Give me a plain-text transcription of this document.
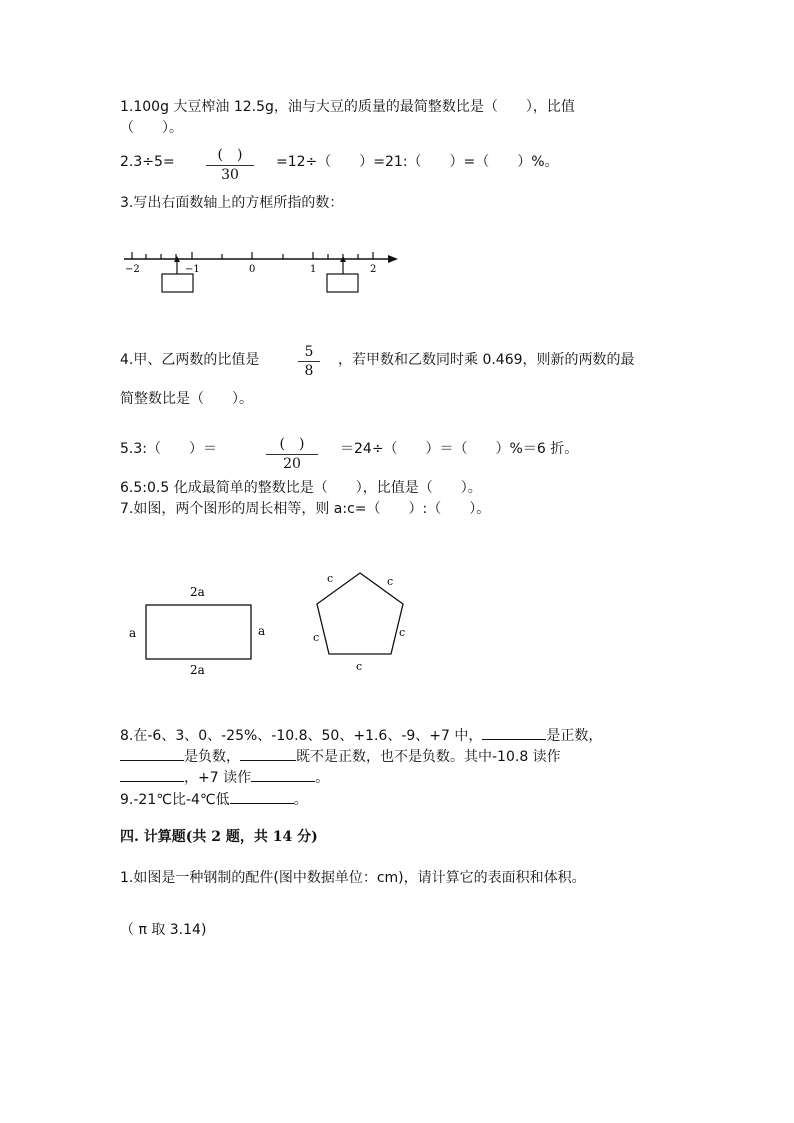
1.100g 大豆榨油 12.5g，油与大豆的质量的最简整数比是（　　），比值
（　　）。
2.3÷5=	(　)
30
=12÷（　　）=21:（　　）=（　　）%。
3.写出右面数轴上的方框所指的数：
−2	−1	0	1	2
4.甲、乙两数的比值是	5
8
，若甲数和乙数同时乘 0.469，则新的两数的最
简整数比是（　　）。
5.3:（　　）＝	(　)
20
＝24÷（　　）＝（　　）%＝6 折。
6.5:0.5 化成最简单的整数比是（　　），比值是（　　）。
7.如图，两个图形的周长相等，则 a:c=（　　）:（　　）。
2a
2a
a	a
c	c
c
c
c
8.在-6、3、0、-25%、-10.8、50、+1.6、-9、+7 中，	是正数，
是负数，	既不是正数，也不是负数。其中-10.8 读作
，+7 读作	。
9.-21℃比-4℃低	。
四. 计算题(共 2 题，共 14 分)
1.如图是一种钢制的配件(图中数据单位：cm)，请计算它的表面积和体积。
（ π 取 3.14)
